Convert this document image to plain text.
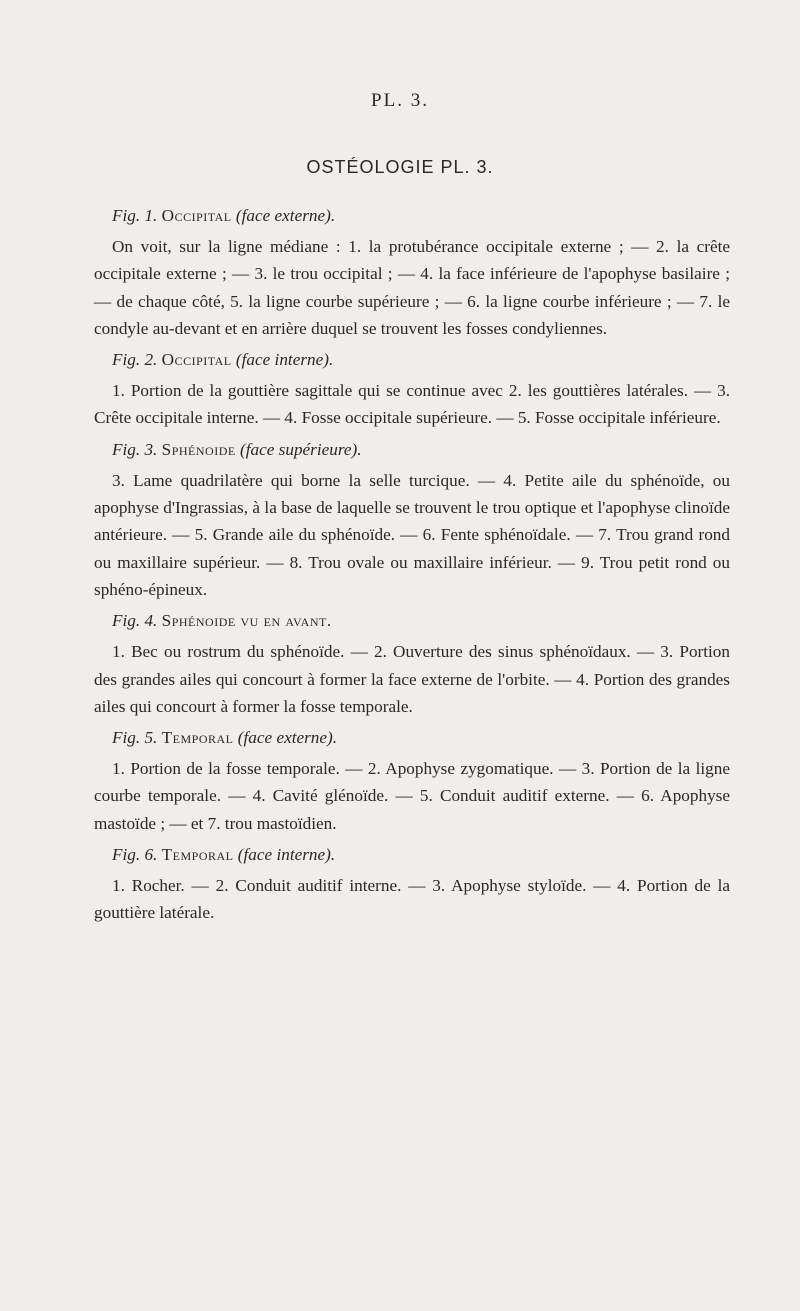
PL. 3.
OSTÉOLOGIE PL. 3.

Fig. 1. Occipital (face externe).

On voit, sur la ligne médiane : 1. la protubérance occipitale externe ; — 2. la crête occipitale externe ; — 3. le trou occipital ; — 4. la face inférieure de l'apophyse basilaire ; — de chaque côté, 5. la ligne courbe supérieure ; — 6. la ligne courbe inférieure ; — 7. le condyle au-devant et en arrière duquel se trouvent les fosses condyliennes.

Fig. 2. Occipital (face interne).

1. Portion de la gouttière sagittale qui se continue avec 2. les gouttières latérales. — 3. Crête occipitale interne. — 4. Fosse occipitale supérieure. — 5. Fosse occipitale inférieure.

Fig. 3. Sphénoide (face supérieure).

3. Lame quadrilatère qui borne la selle turcique. — 4. Petite aile du sphénoïde, ou apophyse d'Ingrassias, à la base de laquelle se trouvent le trou optique et l'apophyse clinoïde antérieure. — 5. Grande aile du sphénoïde. — 6. Fente sphénoïdale. — 7. Trou grand rond ou maxillaire supérieur. — 8. Trou ovale ou maxillaire inférieur. — 9. Trou petit rond ou sphéno-épineux.

Fig. 4. Sphénoide vu en avant.

1. Bec ou rostrum du sphénoïde. — 2. Ouverture des sinus sphénoïdaux. — 3. Portion des grandes ailes qui concourt à former la face externe de l'orbite. — 4. Portion des grandes ailes qui concourt à former la fosse temporale.

Fig. 5. Temporal (face externe).

1. Portion de la fosse temporale. — 2. Apophyse zygomatique. — 3. Portion de la ligne courbe temporale. — 4. Cavité glénoïde. — 5. Conduit auditif externe. — 6. Apophyse mastoïde ; — et 7. trou mastoïdien.

Fig. 6. Temporal (face interne).

1. Rocher. — 2. Conduit auditif interne. — 3. Apophyse styloïde. — 4. Portion de la gouttière latérale.
